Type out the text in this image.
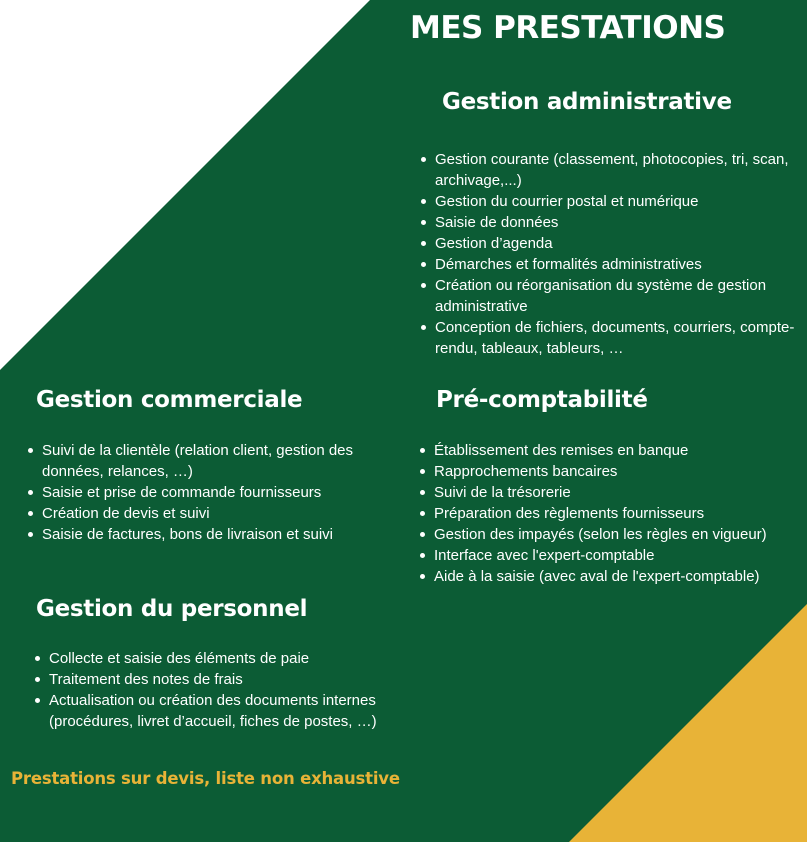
MES PRESTATIONS
Gestion administrative
Gestion courante (classement, photocopies, tri, scan, archivage,...)
Gestion du courrier postal et numérique
Saisie de données
Gestion d’agenda
Démarches et formalités administratives
Création ou réorganisation du système de gestion administrative
Conception de fichiers, documents, courriers, compte-rendu, tableaux, tableurs, …
Gestion commerciale
Suivi de la clientèle (relation client, gestion des données, relances, …)
Saisie et prise de commande fournisseurs
Création de devis et suivi
Saisie de factures, bons de livraison et suivi
Pré-comptabilité
Établissement des remises en banque
Rapprochements bancaires
Suivi de la trésorerie
Préparation des règlements fournisseurs
Gestion des impayés (selon les règles en vigueur)
Interface avec l'expert-comptable
Aide à la saisie (avec aval de l'expert-comptable)
Gestion du personnel
Collecte et saisie des éléments de paie
Traitement des notes de frais
Actualisation ou création des documents internes (procédures, livret d’accueil, fiches de postes, …)

Prestations sur devis, liste non exhaustive
